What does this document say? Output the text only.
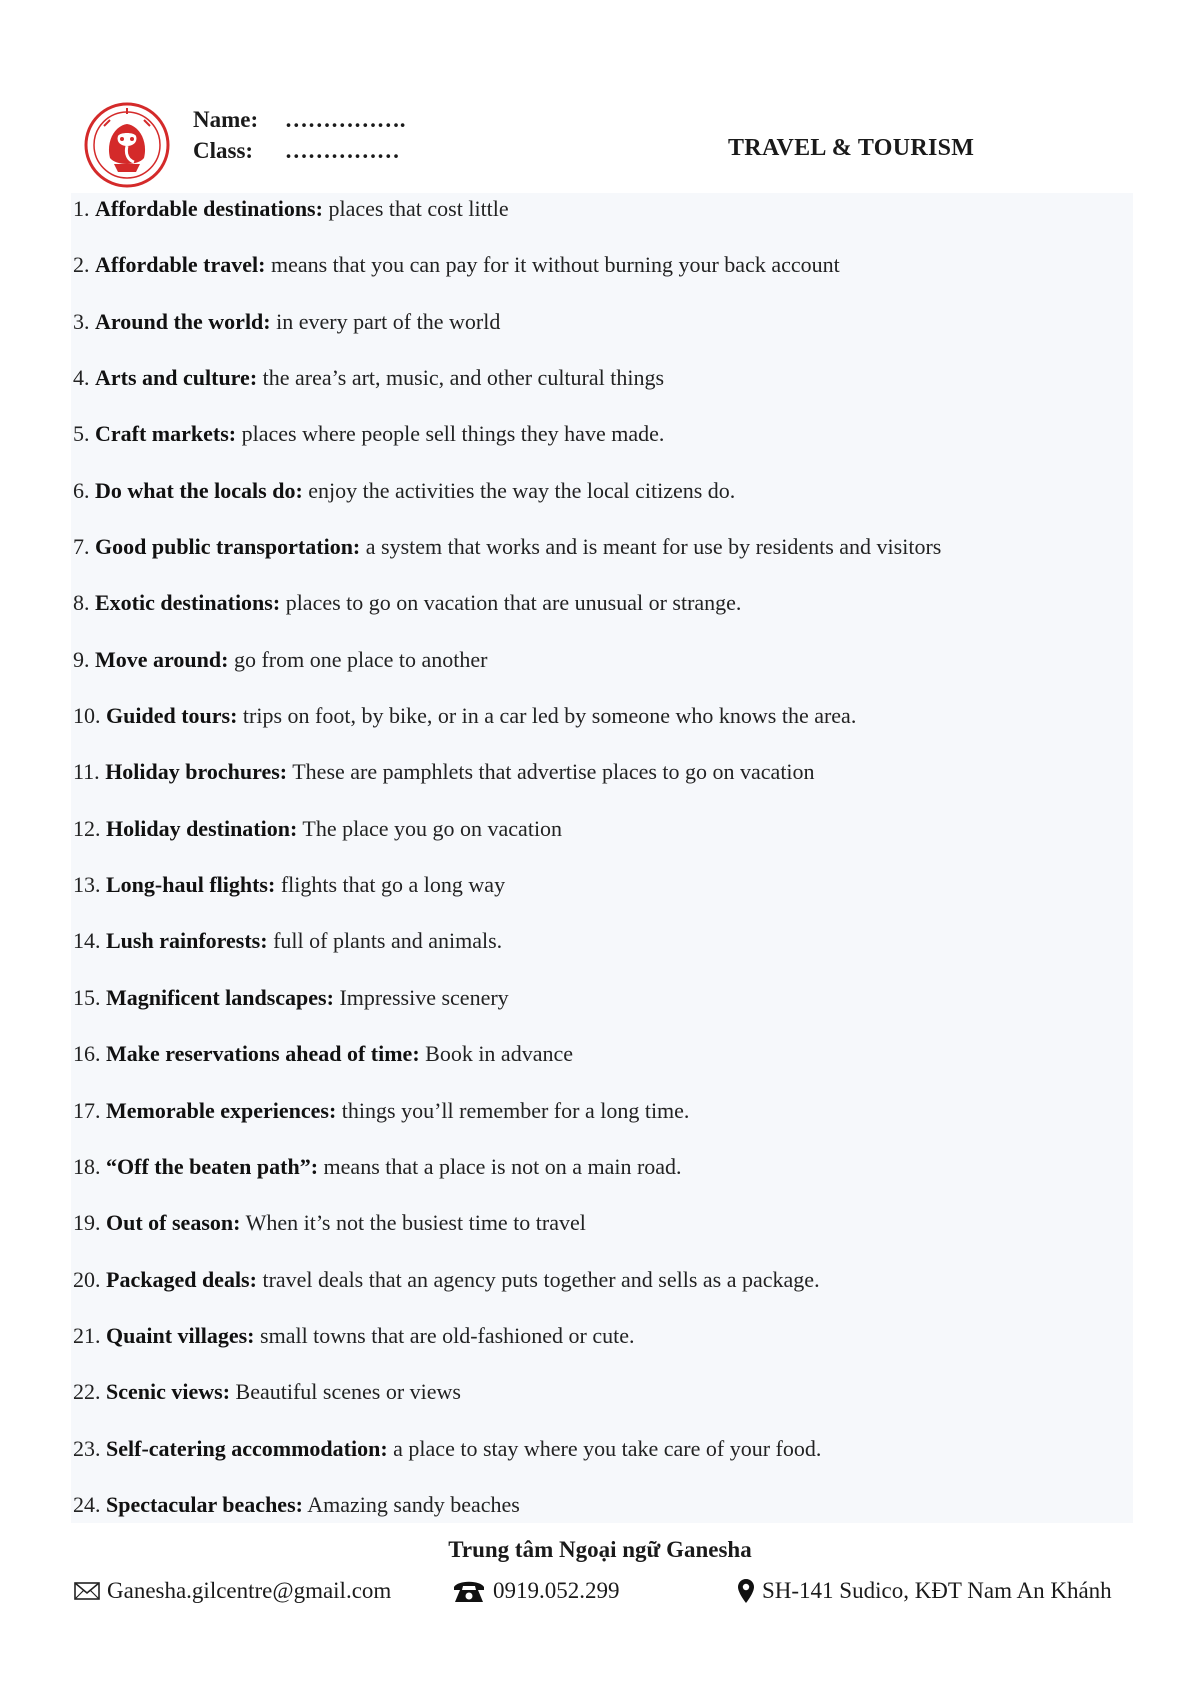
Name: …………….
Class: ……………	TRAVEL & TOURISM
1. Affordable destinations: places that cost little
2. Affordable travel: means that you can pay for it without burning your back account
3. Around the world: in every part of the world
4. Arts and culture: the area’s art, music, and other cultural things
5. Craft markets: places where people sell things they have made.
6. Do what the locals do: enjoy the activities the way the local citizens do.
7. Good public transportation: a system that works and is meant for use by residents and visitors
8. Exotic destinations: places to go on vacation that are unusual or strange.
9. Move around: go from one place to another
10. Guided tours: trips on foot, by bike, or in a car led by someone who knows the area.
11. Holiday brochures: These are pamphlets that advertise places to go on vacation
12. Holiday destination: The place you go on vacation
13. Long-haul flights: flights that go a long way
14. Lush rainforests: full of plants and animals.
15. Magnificent landscapes: Impressive scenery
16. Make reservations ahead of time: Book in advance
17. Memorable experiences: things you’ll remember for a long time.
18. “Off the beaten path”: means that a place is not on a main road.
19. Out of season: When it’s not the busiest time to travel
20. Packaged deals: travel deals that an agency puts together and sells as a package.
21. Quaint villages: small towns that are old-fashioned or cute.
22. Scenic views: Beautiful scenes or views
23. Self-catering accommodation: a place to stay where you take care of your food.
24. Spectacular beaches: Amazing sandy beaches
Trung tâm Ngoại ngữ Ganesha
Ganesha.gilcentre@gmail.com	0919.052.299	SH-141 Sudico, KĐT Nam An Khánh
